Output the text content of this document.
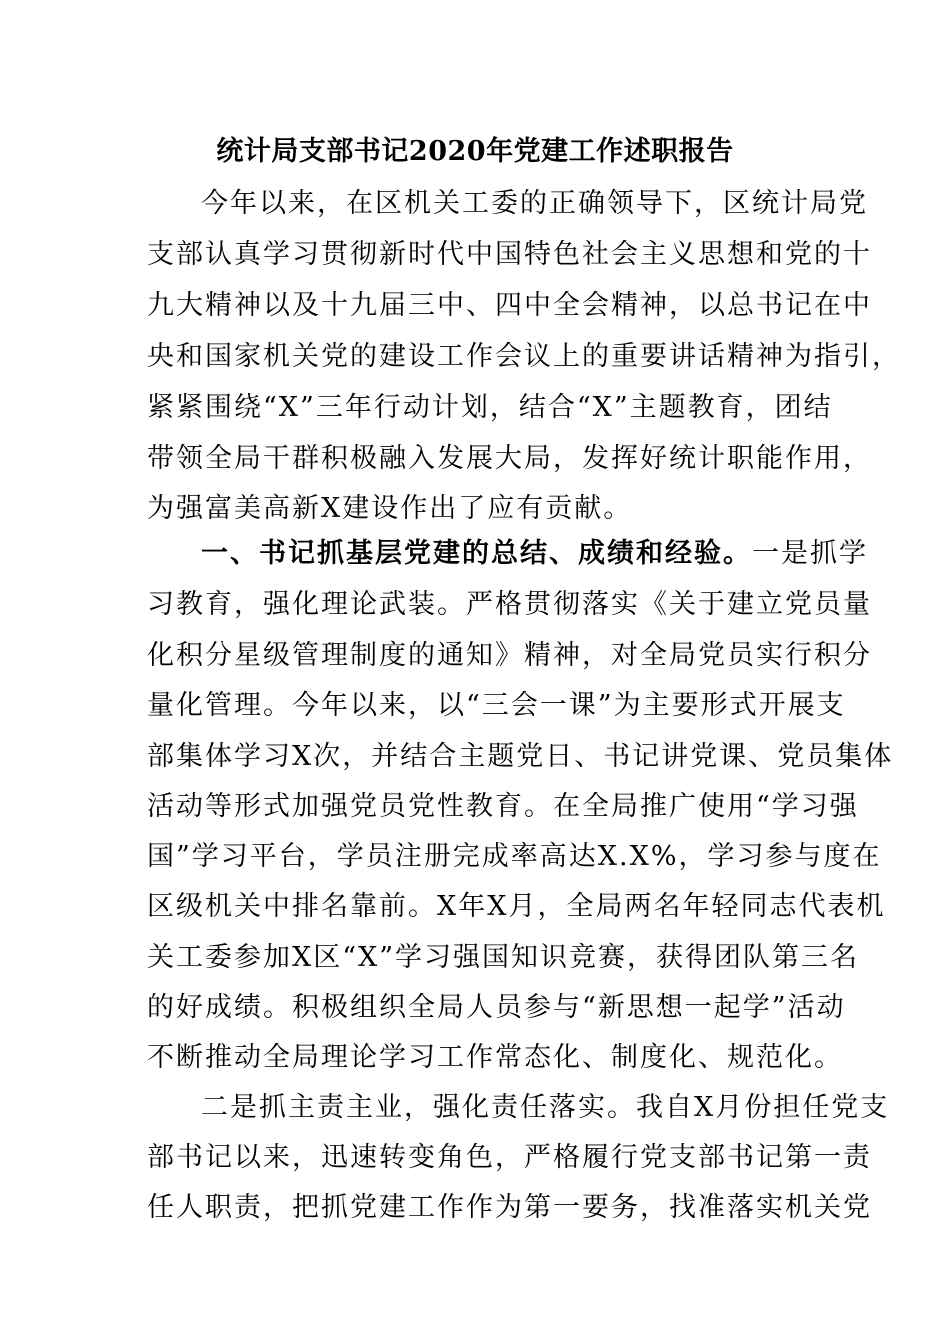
统计局支部书记2020年党建工作述职报告
今年以来，在区机关工委的正确领导下，区统计局党
支部认真学习贯彻新时代中国特色社会主义思想和党的十
九大精神以及十九届三中、四中全会精神，以总书记在中
央和国家机关党的建设工作会议上的重要讲话精神为指引，
紧紧围绕“X”三年行动计划，结合“X”主题教育，团结
带领全局干群积极融入发展大局，发挥好统计职能作用，
为强富美高新X建设作出了应有贡献。
一、书记抓基层党建的总结、成绩和经验。一是抓学
习教育，强化理论武装。严格贯彻落实《关于建立党员量
化积分星级管理制度的通知》精神，对全局党员实行积分
量化管理。今年以来，以“三会一课”为主要形式开展支
部集体学习X次，并结合主题党日、书记讲党课、党员集体
活动等形式加强党员党性教育。在全局推广使用“学习强
国”学习平台，学员注册完成率高达X.X%，学习参与度在
区级机关中排名靠前。X年X月，全局两名年轻同志代表机
关工委参加X区“X”学习强国知识竞赛，获得团队第三名
的好成绩。积极组织全局人员参与“新思想一起学”活动
不断推动全局理论学习工作常态化、制度化、规范化。
二是抓主责主业，强化责任落实。我自X月份担任党支
部书记以来，迅速转变角色，严格履行党支部书记第一责
任人职责，把抓党建工作作为第一要务，找准落实机关党
